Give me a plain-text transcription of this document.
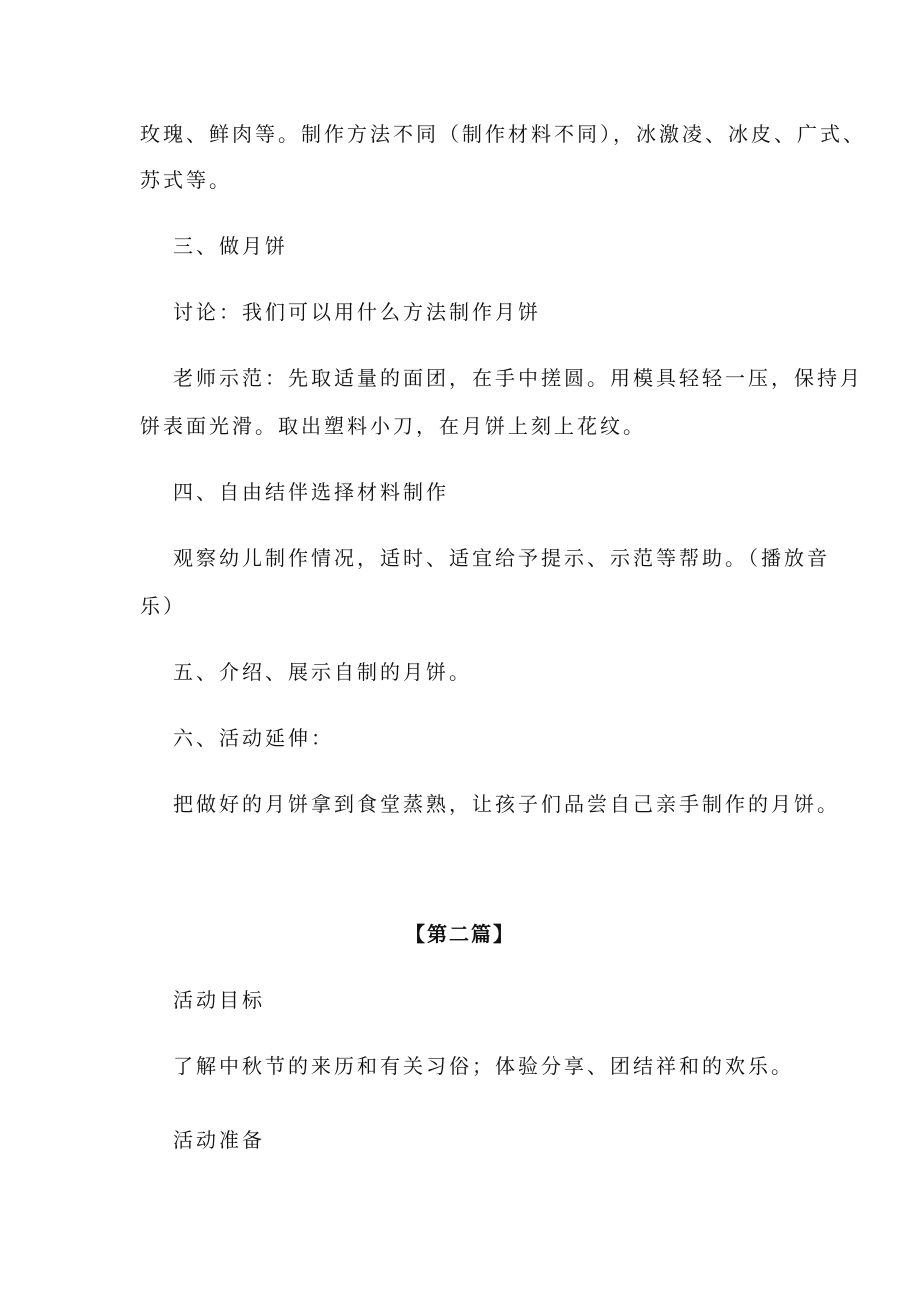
玫瑰、鲜肉等。制作方法不同（制作材料不同），冰激凌、冰皮、广式、
苏式等。
三、做月饼
讨论：我们可以用什么方法制作月饼
老师示范：先取适量的面团，在手中搓圆。用模具轻轻一压，保持月
饼表面光滑。取出塑料小刀，在月饼上刻上花纹。
四、自由结伴选择材料制作
观察幼儿制作情况，适时、适宜给予提示、示范等帮助。（播放音
乐）
五、介绍、展示自制的月饼。
六、活动延伸：
把做好的月饼拿到食堂蒸熟，让孩子们品尝自己亲手制作的月饼。
【第二篇】
活动目标
了解中秋节的来历和有关习俗；体验分享、团结祥和的欢乐。
活动准备
